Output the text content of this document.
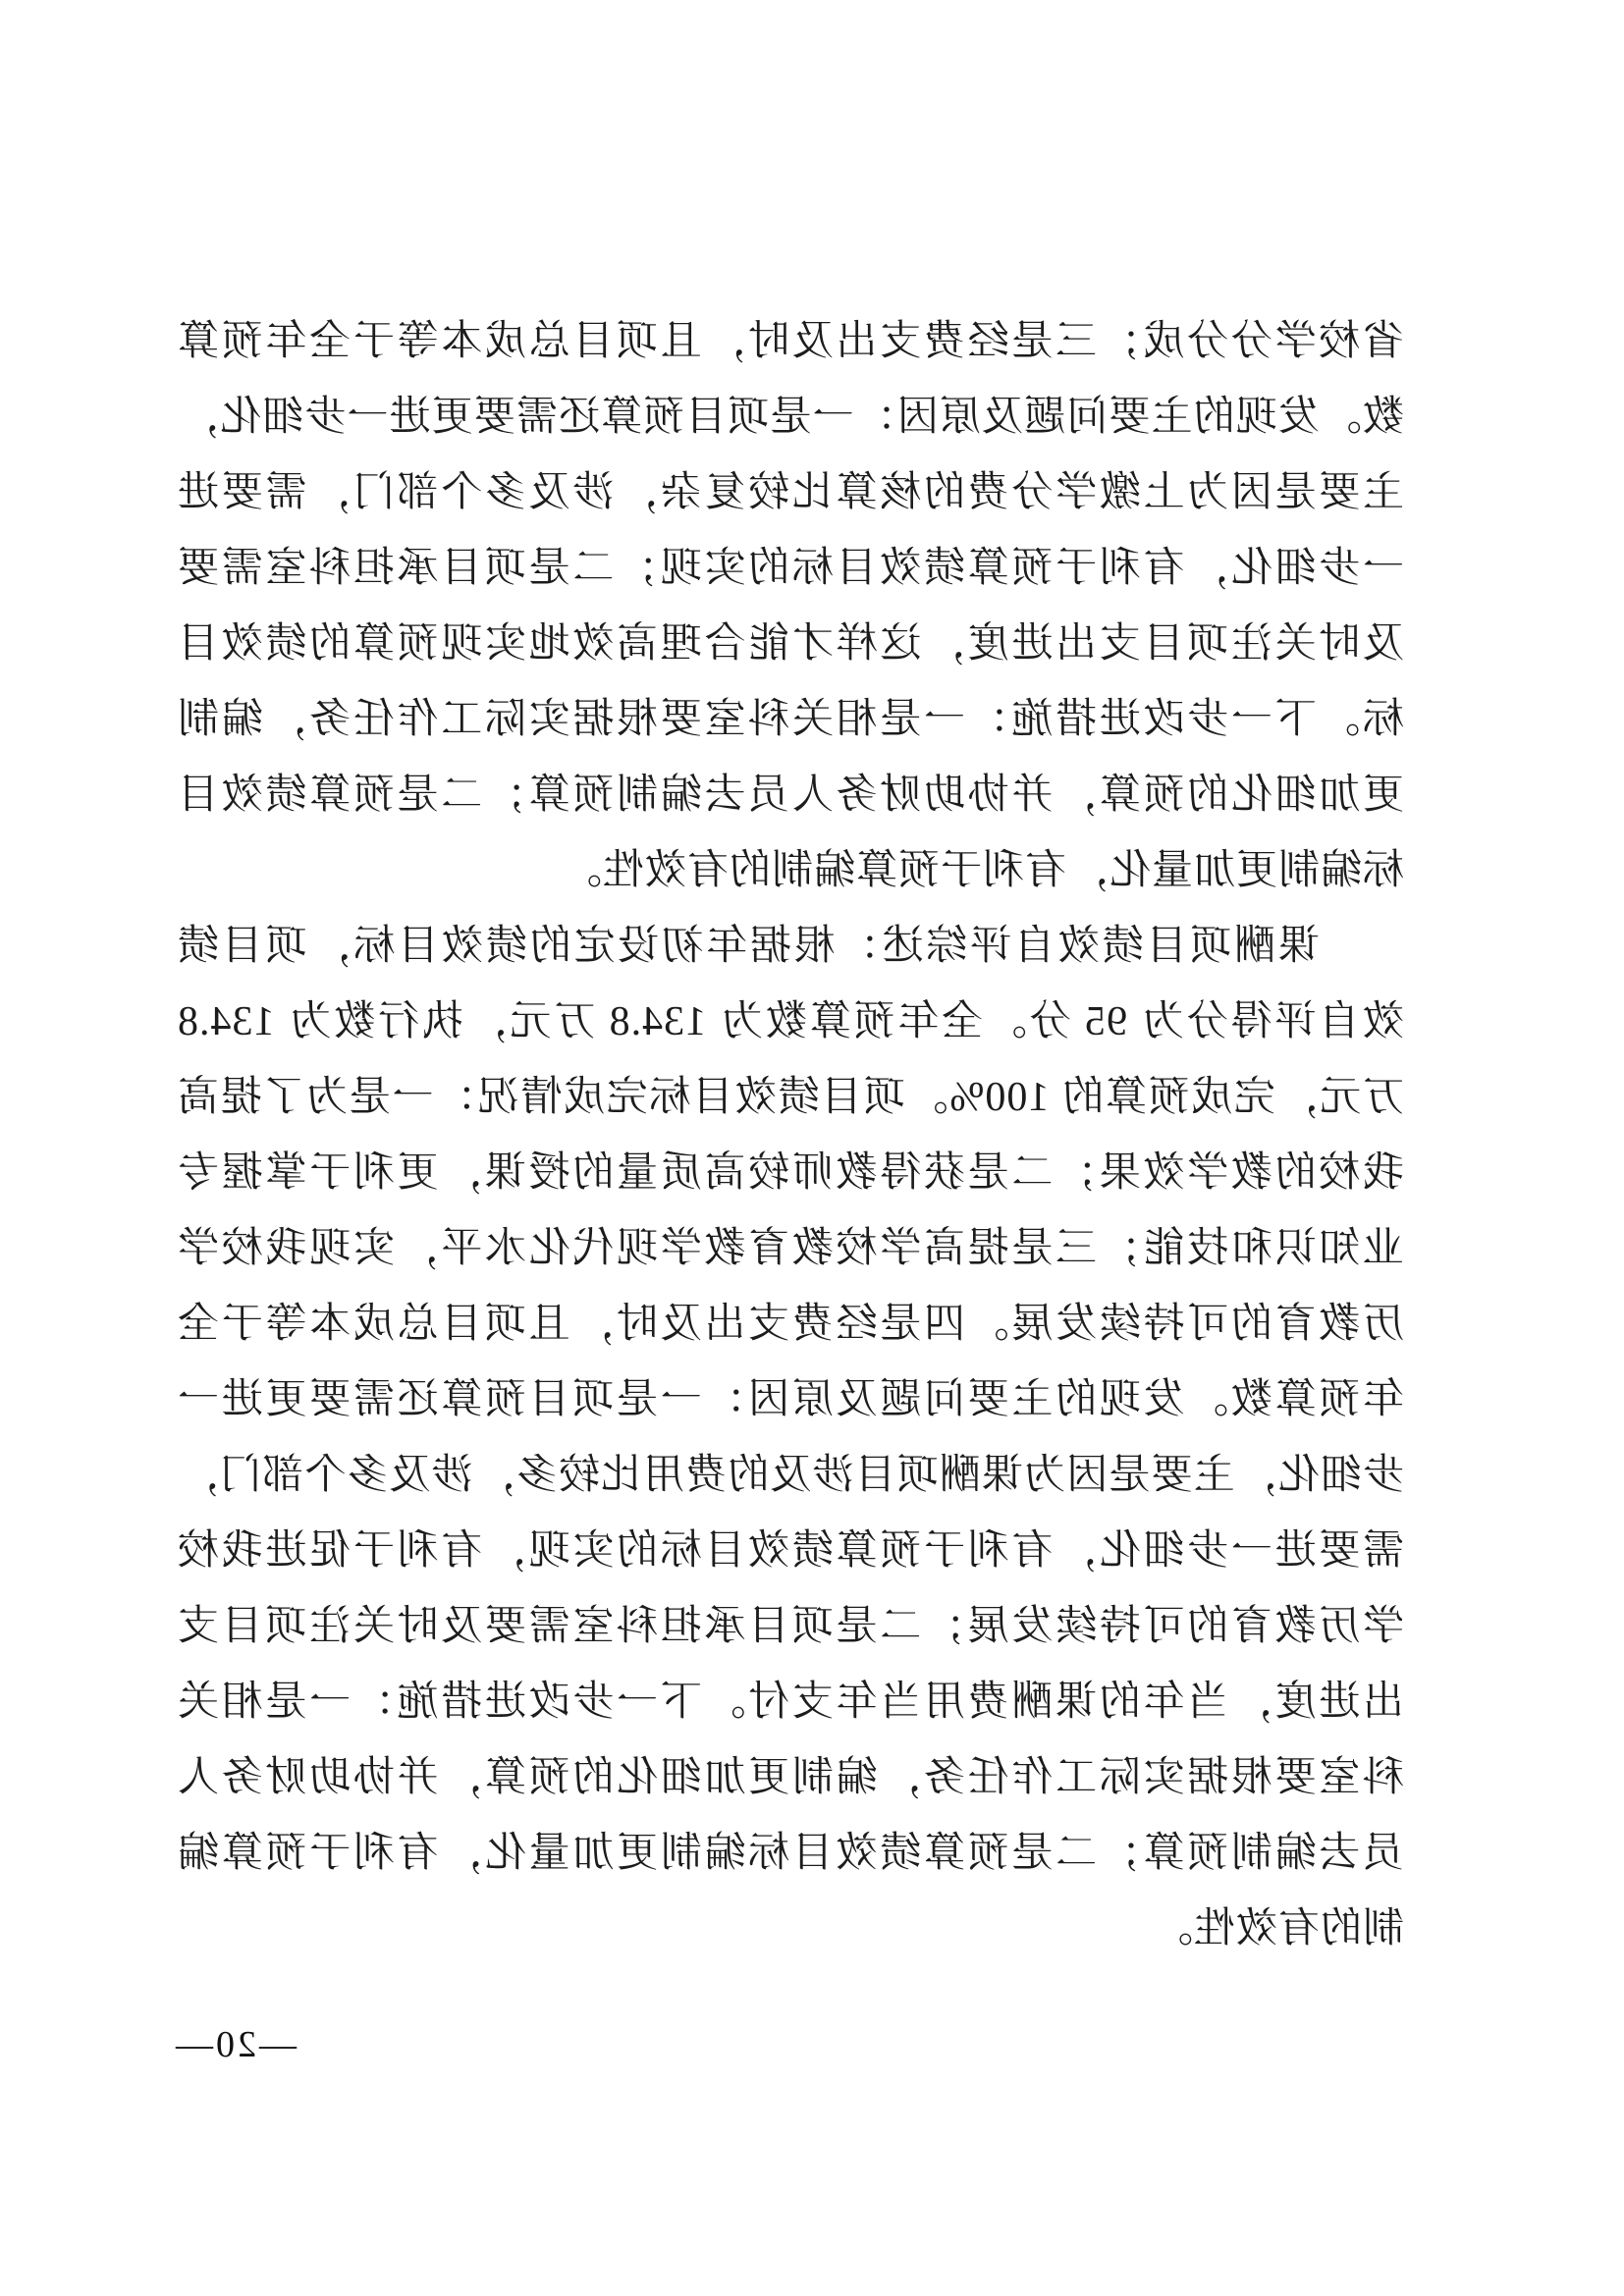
省校学分分成；三是经费支出及时，且项目总成本等于全年预算
数。发现的主要问题及原因：一是项目预算还需要更进一步细化，
主要是因为上缴学分费的核算比较复杂，涉及多个部门，需要进
一步细化，有利于预算绩效目标的实现；二是项目承担科室需要
及时关注项目支出进度，这样才能合理高效地实现预算的绩效目
标。下一步改进措施：一是相关科室要根据实际工作任务，编制
更加细化的预算，并协助财务人员去编制预算；二是预算绩效目
标编制更加量化，有利于预算编制的有效性。
课酬项目绩效自评综述：根据年初设定的绩效目标，项目绩
效自评得分为 95 分。全年预算数为 134.8 万元，执行数为 134.8
万元，完成预算的 100%。项目绩效目标完成情况：一是为了提高
我校的教学效果；二是获得教师较高质量的授课，更利于掌握专
业知识和技能；三是提高学校教育教学现代化水平，实现我校学
历教育的可持续发展。四是经费支出及时，且项目总成本等于全
年预算数。发现的主要问题及原因：一是项目预算还需要更进一
步细化，主要是因为课酬项目涉及的费用比较多，涉及多个部门，
需要进一步细化，有利于预算绩效目标的实现，有利于促进我校
学历教育的可持续发展；二是项目承担科室需要及时关注项目支
出进度，当年的课酬费用当年支付。下一步改进措施：一是相关
科室要根据实际工作任务，编制更加细化的预算，并协助财务人
员去编制预算；二是预算绩效目标编制更加量化，有利于预算编
制的有效性。
—20—
